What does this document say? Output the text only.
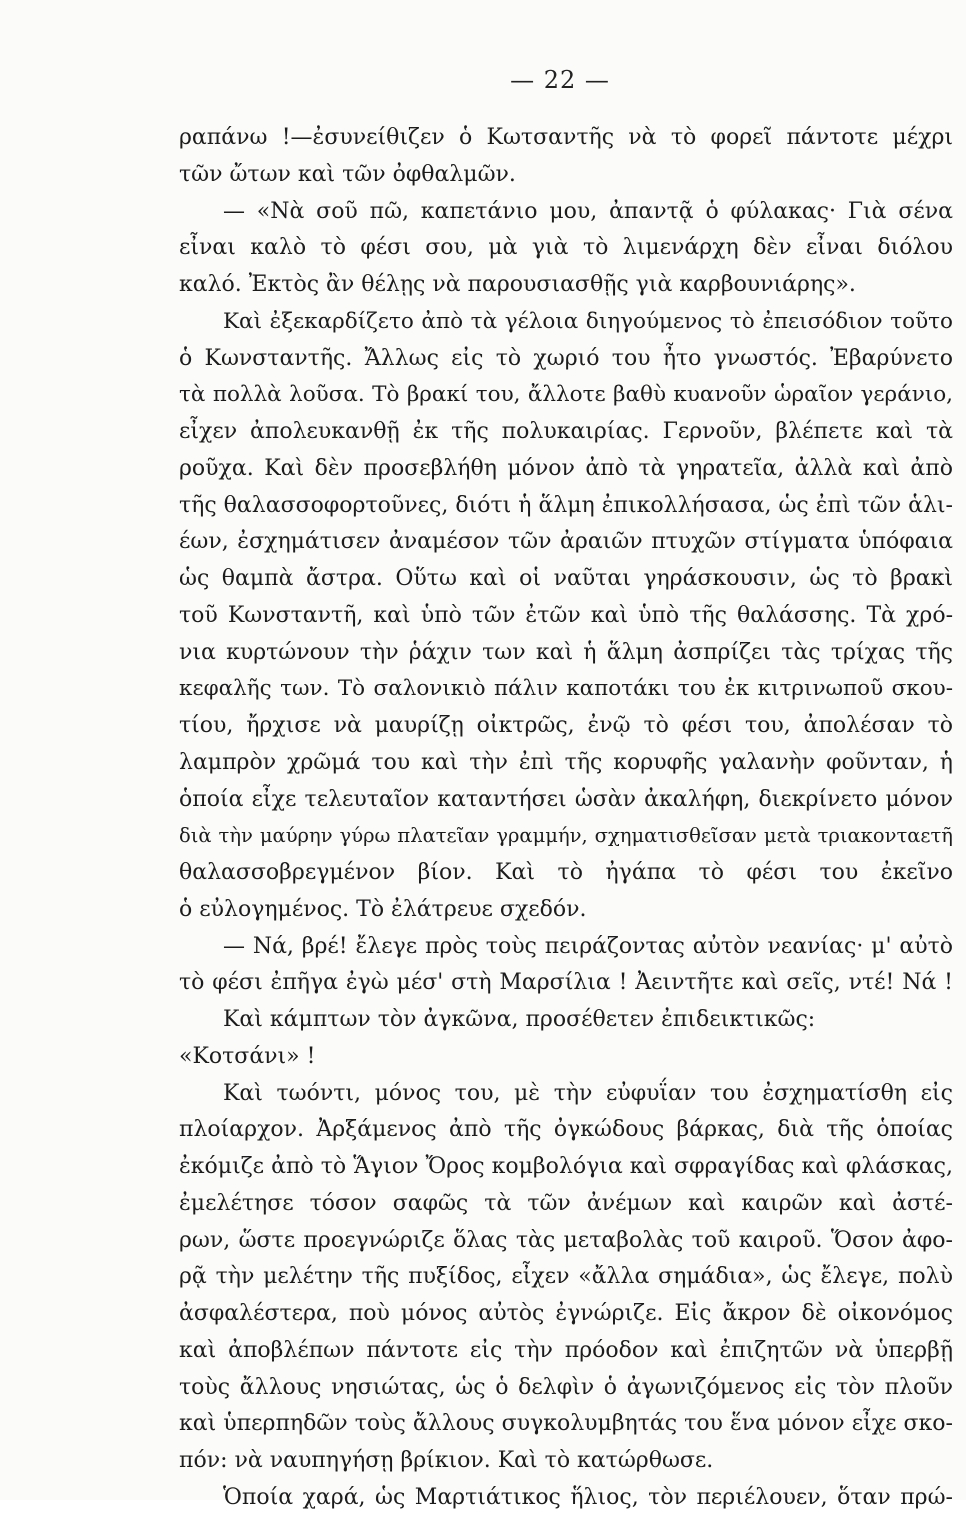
— 22 —
ραπάνω !—ἐσυνείθιζεν ὁ Κωτσαντῆς νὰ τὸ φορεῖ πάντοτε μέχρι
τῶν ὤτων καὶ τῶν ὀφθαλμῶν.
— «Νὰ σοῦ πῶ, καπετάνιο μου, ἀπαντᾷ ὁ φύλακας· Γιὰ σένα
εἶναι καλὸ τὸ φέσι σου, μὰ γιὰ τὸ λιμενάρχη δὲν εἶναι διόλου
καλό. Ἐκτὸς ἂν θέλῃς νὰ παρουσιασθῇς γιὰ καρβουνιάρης».
Καὶ ἐξεκαρδίζετο ἀπὸ τὰ γέλοια διηγούμενος τὸ ἐπεισόδιον τοῦτο
ὁ Κωνσταντῆς. Ἄλλως εἰς τὸ χωριό του ἦτο γνωστός. Ἐβαρύνετο
τὰ πολλὰ λοῦσα. Τὸ βρακί του, ἄλλοτε βαθὺ κυανοῦν ὡραῖον γεράνιο,
εἶχεν ἀπολευκανθῇ ἐκ τῆς πολυκαιρίας. Γερνοῦν, βλέπετε καὶ τὰ
ροῦχα. Καὶ δὲν προσεβλήθη μόνον ἀπὸ τὰ γηρατεῖα, ἀλλὰ καὶ ἀπὸ
τῆς θαλασσοφορτοῦνες, διότι ἡ ἅλμη ἐπικολλήσασα, ὡς ἐπὶ τῶν ἁλι-
έων, ἐσχημάτισεν ἀναμέσον τῶν ἀραιῶν πτυχῶν στίγματα ὑπόφαια
ὡς θαμπὰ ἄστρα. Οὕτω καὶ οἱ ναῦται γηράσκουσιν, ὡς τὸ βρακὶ
τοῦ Κωνσταντῆ, καὶ ὑπὸ τῶν ἐτῶν καὶ ὑπὸ τῆς θαλάσσης. Τὰ χρό-
νια κυρτώνουν τὴν ῥάχιν των καὶ ἡ ἅλμη ἀσπρίζει τὰς τρίχας τῆς
κεφαλῆς των. Τὸ σαλονικιὸ πάλιν καποτάκι του ἐκ κιτρινωποῦ σκου-
τίου, ἤρχισε νὰ μαυρίζῃ οἰκτρῶς, ἐνῷ τὸ φέσι του, ἀπολέσαν τὸ
λαμπρὸν χρῶμά του καὶ τὴν ἐπὶ τῆς κορυφῆς γαλανὴν φοῦνταν, ἡ
ὁποία εἶχε τελευταῖον καταντήσει ὡσὰν ἀκαλήφη, διεκρίνετο μόνον
διὰ τὴν μαύρην γύρω πλατεῖαν γραμμήν, σχηματισθεῖσαν μετὰ τριακονταετῆ
θαλασσοβρεγμένον βίον. Καὶ τὸ ἠγάπα τὸ φέσι του ἐκεῖνο
ὁ εὐλογημένος. Τὸ ἐλάτρευε σχεδόν.
— Νά, βρέ! ἔλεγε πρὸς τοὺς πειράζοντας αὐτὸν νεανίας· μ' αὐτὸ
τὸ φέσι ἐπῆγα ἐγὼ μέσ' στὴ Μαρσίλια ! Ἀειντῆτε καὶ σεῖς, ντέ! Νά !
Καὶ κάμπτων τὸν ἀγκῶνα, προσέθετεν ἐπιδεικτικῶς:
«Κοτσάνι» !
Καὶ τωόντι, μόνος του, μὲ τὴν εὐφυΐαν του ἐσχηματίσθη εἰς
πλοίαρχον. Ἀρξάμενος ἀπὸ τῆς ὀγκώδους βάρκας, διὰ τῆς ὁποίας
ἐκόμιζε ἀπὸ τὸ Ἅγιον Ὄρος κομβολόγια καὶ σφραγίδας καὶ φλάσκας,
ἐμελέτησε τόσον σαφῶς τὰ τῶν ἀνέμων καὶ καιρῶν καὶ ἀστέ-
ρων, ὥστε προεγνώριζε ὅλας τὰς μεταβολὰς τοῦ καιροῦ. Ὅσον ἀφο-
ρᾷ τὴν μελέτην τῆς πυξίδος, εἶχεν «ἄλλα σημάδια», ὡς ἔλεγε, πολὺ
ἀσφαλέστερα, ποὺ μόνος αὐτὸς ἐγνώριζε. Εἰς ἄκρον δὲ οἰκονόμος
καὶ ἀποβλέπων πάντοτε εἰς τὴν πρόοδον καὶ ἐπιζητῶν νὰ ὑπερβῇ
τοὺς ἄλλους νησιώτας, ὡς ὁ δελφὶν ὁ ἀγωνιζόμενος εἰς τὸν πλοῦν
καὶ ὑπερπηδῶν τοὺς ἄλλους συγκολυμβητάς του ἕνα μόνον εἶχε σκο-
πόν: νὰ ναυπηγήσῃ βρίκιον. Καὶ τὸ κατώρθωσε.
Ὁποία χαρά, ὡς Μαρτιάτικος ἥλιος, τὸν περιέλουεν, ὅταν πρώ-
